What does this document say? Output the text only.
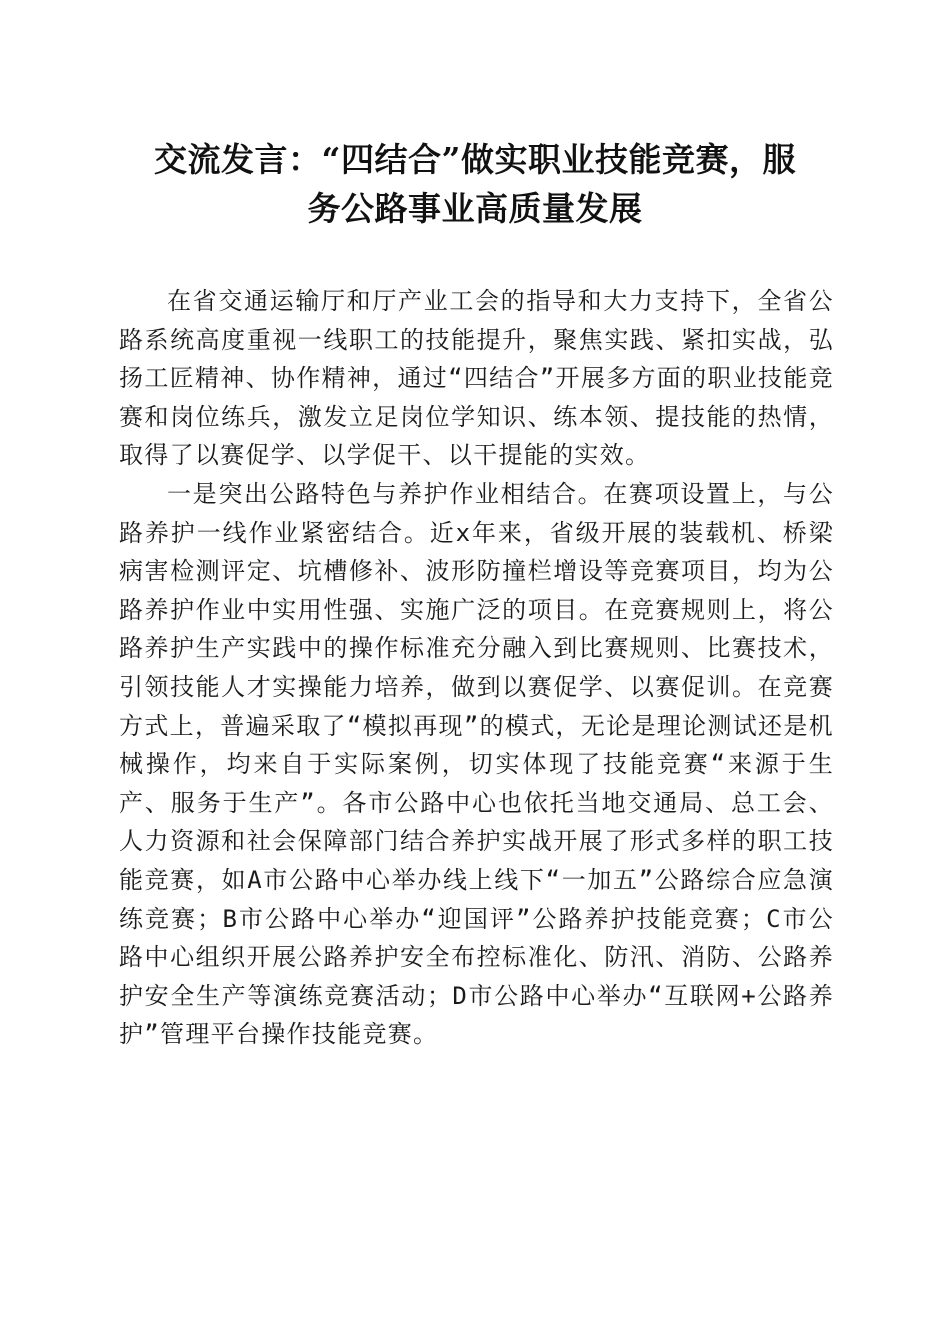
交流发言：“四结合”做实职业技能竞赛，服
务公路事业高质量发展

在省交通运输厅和厅产业工会的指导和大力支持下，全省公路系统高度重视一线职工的技能提升，聚焦实践、紧扣实战，弘扬工匠精神、协作精神，通过“四结合”开展多方面的职业技能竞赛和岗位练兵，激发立足岗位学知识、练本领、提技能的热情，取得了以赛促学、以学促干、以干提能的实效。

一是突出公路特色与养护作业相结合。在赛项设置上，与公路养护一线作业紧密结合。近x年来，省级开展的装载机、桥梁病害检测评定、坑槽修补、波形防撞栏增设等竞赛项目，均为公路养护作业中实用性强、实施广泛的项目。在竞赛规则上，将公路养护生产实践中的操作标准充分融入到比赛规则、比赛技术，引领技能人才实操能力培养，做到以赛促学、以赛促训。在竞赛方式上，普遍采取了“模拟再现”的模式，无论是理论测试还是机械操作，均来自于实际案例，切实体现了技能竞赛“来源于生产、服务于生产”。各市公路中心也依托当地交通局、总工会、人力资源和社会保障部门结合养护实战开展了形式多样的职工技能竞赛，如A市公路中心举办线上线下“一加五”公路综合应急演练竞赛；B市公路中心举办“迎国评”公路养护技能竞赛；C市公路中心组织开展公路养护安全布控标准化、防汛、消防、公路养护安全生产等演练竞赛活动；D市公路中心举办“互联网+公路养护”管理平台操作技能竞赛。
